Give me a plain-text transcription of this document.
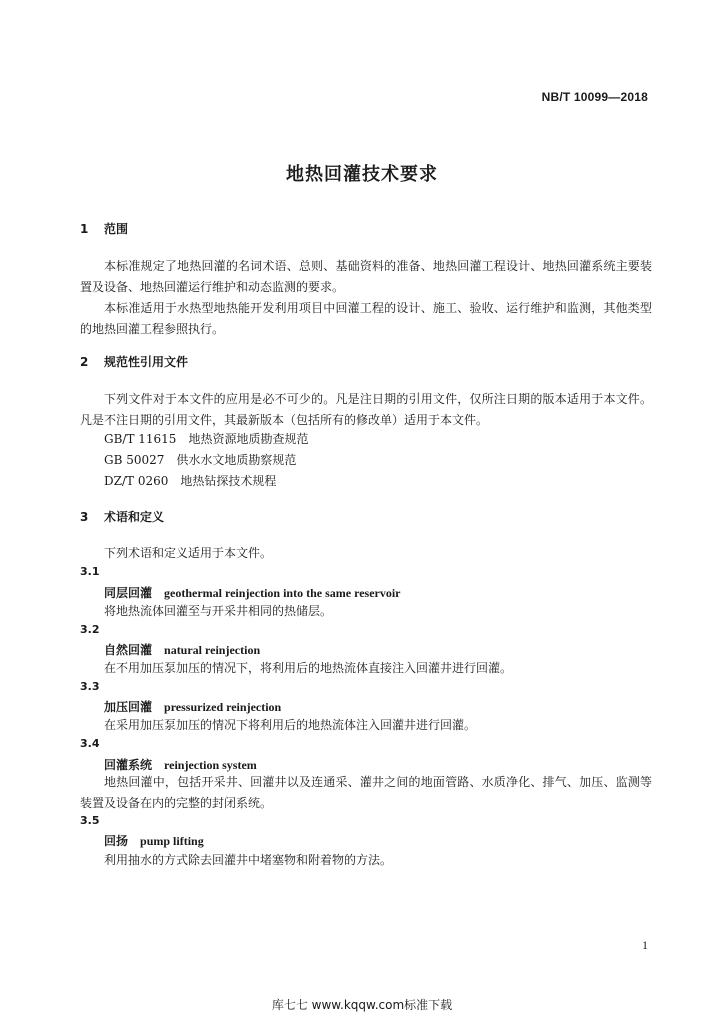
NB/T 10099—2018
地热回灌技术要求
1 范围
本标准规定了地热回灌的名词术语、总则、基础资料的准备、地热回灌工程设计、地热回灌系统主要装置及设备、地热回灌运行维护和动态监测的要求。
本标准适用于水热型地热能开发利用项目中回灌工程的设计、施工、验收、运行维护和监测，其他类型的地热回灌工程参照执行。
2 规范性引用文件
下列文件对于本文件的应用是必不可少的。凡是注日期的引用文件，仅所注日期的版本适用于本文件。凡是不注日期的引用文件，其最新版本（包括所有的修改单）适用于本文件。
GB/T 11615　地热资源地质勘查规范
GB 50027　供水水文地质勘察规范
DZ/T 0260　地热钻探技术规程
3 术语和定义
下列术语和定义适用于本文件。
3.1
同层回灌 geothermal reinjection into the same reservoir
将地热流体回灌至与开采井相同的热储层。
3.2
自然回灌 natural reinjection
在不用加压泵加压的情况下，将利用后的地热流体直接注入回灌井进行回灌。
3.3
加压回灌 pressurized reinjection
在采用加压泵加压的情况下将利用后的地热流体注入回灌井进行回灌。
3.4
回灌系统 reinjection system
地热回灌中，包括开采井、回灌井以及连通采、灌井之间的地面管路、水质净化、排气、加压、监测等装置及设备在内的完整的封闭系统。
3.5
回扬 pump lifting
利用抽水的方式除去回灌井中堵塞物和附着物的方法。
1
库七七 www.kqqw.com标准下载
